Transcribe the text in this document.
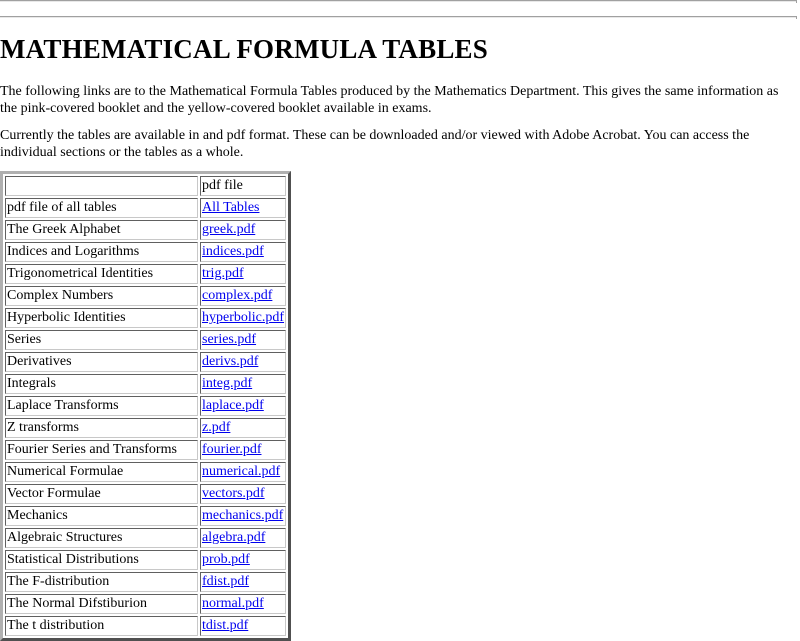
MATHEMATICAL FORMULA TABLES

The following links are to the Mathematical Formula Tables produced by the Mathematics Department. This gives the same information as the pink-covered booklet and the yellow-covered booklet available in exams.

Currently the tables are available in and pdf format. These can be downloaded and/or viewed with Adobe Acrobat. You can access the individual sections or the tables as a whole.

	pdf file
pdf file of all tables	All Tables
The Greek Alphabet	greek.pdf
Indices and Logarithms	indices.pdf
Trigonometrical Identities	trig.pdf
Complex Numbers	complex.pdf
Hyperbolic Identities	hyperbolic.pdf
Series	series.pdf
Derivatives	derivs.pdf
Integrals	integ.pdf
Laplace Transforms	laplace.pdf
Z transforms	z.pdf
Fourier Series and Transforms	fourier.pdf
Numerical Formulae	numerical.pdf
Vector Formulae	vectors.pdf
Mechanics	mechanics.pdf
Algebraic Structures	algebra.pdf
Statistical Distributions	prob.pdf
The F-distribution	fdist.pdf
The Normal Difstiburion	normal.pdf
The t distribution	tdist.pdf
